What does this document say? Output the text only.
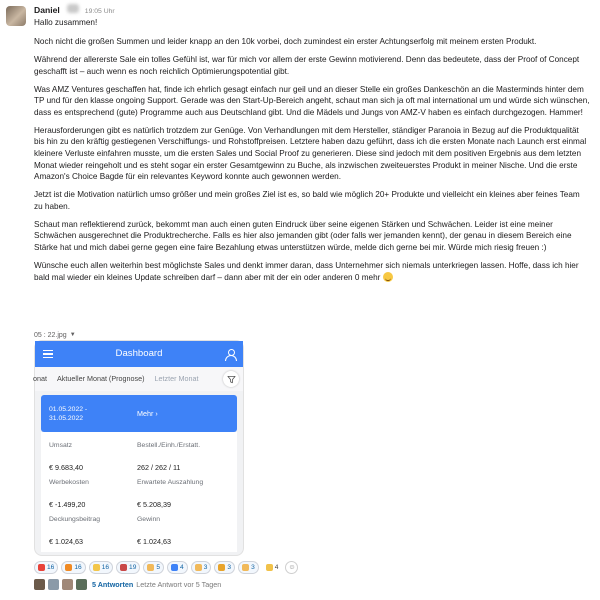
Daniel	19:05 Uhr
Hallo zusammen!
Noch nicht die großen Summen und leider knapp an den 10k vorbei, doch zumindest ein erster Achtungserfolg mit meinem ersten Produkt.
Während der allererste Sale ein tolles Gefühl ist, war für mich vor allem der erste Gewinn motivierend. Denn das bedeutete, dass der Proof of Concept geschafft ist – auch wenn es noch reichlich Optimierungspotential gibt.
Was AMZ Ventures geschaffen hat, finde ich ehrlich gesagt einfach nur geil und an dieser Stelle ein großes Dankeschön an die Masterminds hinter dem TP und für den klasse ongoing Support. Gerade was den Start-Up-Bereich angeht, schaut man sich ja oft mal international um und würde sich wünschen, dass es entsprechend (gute) Programme auch aus Deutschland gibt. Und die Mädels und Jungs von AMZ-V haben es einfach durchgezogen. Hammer!
Herausforderungen gibt es natürlich trotzdem zur Genüge. Von Verhandlungen mit dem Hersteller, ständiger Paranoia in Bezug auf die Produktqualität bis hin zu den kräftig gestiegenen Verschiffungs- und Rohstoffpreisen. Letztere haben dazu geführt, dass ich die ersten Monate nach Launch erst einmal kleinere Verluste einfahren musste, um die ersten Sales und Social Proof zu generieren. Diese sind jedoch mit dem positiven Ergebnis aus dem letzten Monat wieder reingeholt und es steht sogar ein erster Gesamtgewinn zu Buche, als inzwischen zweiteuerstes Produkt in meiner Nische. Und die erste Amazon's Choice Bagde für ein relevantes Keyword konnte auch gewonnen werden.
Jetzt ist die Motivation natürlich umso größer und mein großes Ziel ist es, so bald wie möglich 20+ Produkte und vielleicht ein kleines aber feines Team zu haben.
Schaut man reflektierend zurück, bekommt man auch einen guten Eindruck über seine eigenen Stärken und Schwächen. Leider ist eine meiner Schwächen ausgerechnet die Produktrecherche. Falls es hier also jemanden gibt (oder falls wer jemanden kennt), der genau in diesem Bereich eine Stärke hat und mich dabei gerne gegen eine faire Bezahlung etwas unterstützen würde, melde dich gerne bei mir. Würde mich riesig freuen :)
Wünsche euch allen weiterhin best möglichste Sales und denkt immer daran, dass Unternehmer sich niemals unterkriegen lassen. Hoffe, dass ich hier bald mal wieder ein kleines Update schreiben darf – dann aber mit der ein oder anderen 0 mehr
05 : 22.jpg ▼
Dashboard
onat	Aktueller Monat (Prognose)	Letzter Monat
01.05.2022 -
31.05.2022	Mehr ›
Umsatz
€ 9.683,40
Bestell./Einh./Erstatt.
262 / 262 / 11
Werbekosten
€ -1.499,20
Erwartete Auszahlung
€ 5.208,39
Deckungsbeitrag
€ 1.024,63
Gewinn
€ 1.024,63
16	16	16	19	5	4	3	3	3	4	☺
5 Antworten Letzte Antwort vor 5 Tagen
